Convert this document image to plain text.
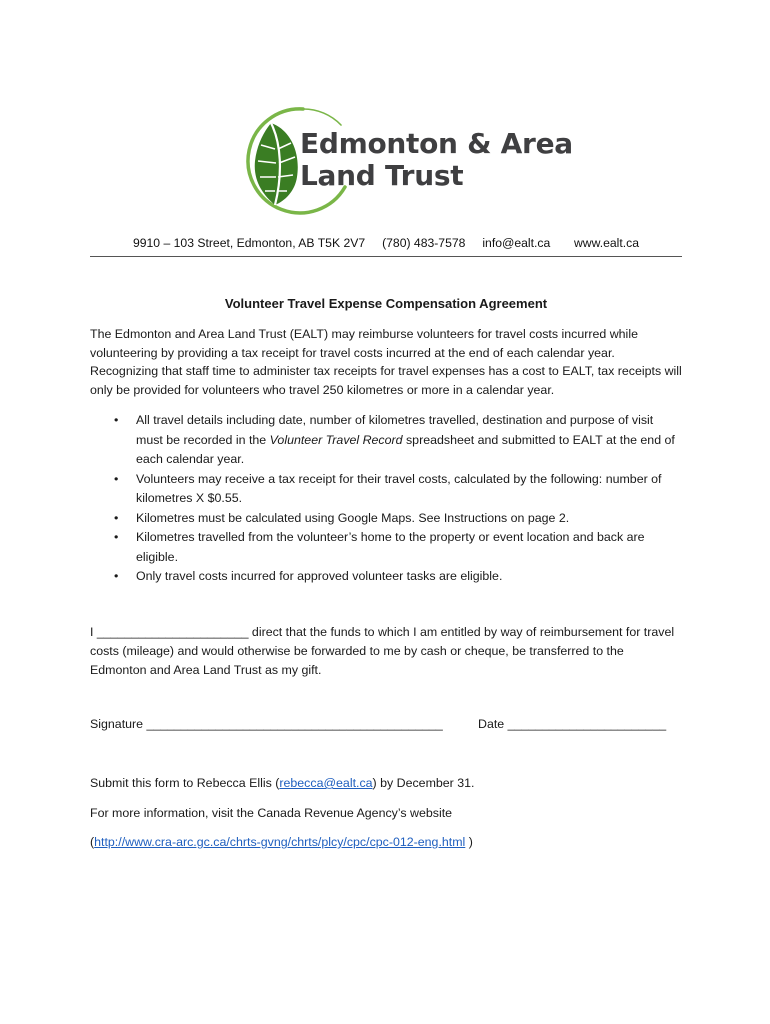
Edmonton & Area
Land Trust
9910 – 103 Street, Edmonton, AB T5K 2V7     (780) 483-7578     info@ealt.ca       www.ealt.ca
Volunteer Travel Expense Compensation Agreement
The Edmonton and Area Land Trust (EALT) may reimburse volunteers for travel costs incurred while volunteering by providing a tax receipt for travel costs incurred at the end of each calendar year. Recognizing that staff time to administer tax receipts for travel expenses has a cost to EALT, tax receipts will only be provided for volunteers who travel 250 kilometres or more in a calendar year.
• All travel details including date, number of kilometres travelled, destination and purpose of visit must be recorded in the Volunteer Travel Record spreadsheet and submitted to EALT at the end of each calendar year.
• Volunteers may receive a tax receipt for their travel costs, calculated by the following: number of kilometres X $0.55.
• Kilometres must be calculated using Google Maps. See Instructions on page 2.
• Kilometres travelled from the volunteer’s home to the property or event location and back are eligible.
• Only travel costs incurred for approved volunteer tasks are eligible.
I ______________________ direct that the funds to which I am entitled by way of reimbursement for travel costs (mileage) and would otherwise be forwarded to me by cash or cheque, be transferred to the Edmonton and Area Land Trust as my gift.
Signature ___________________________________________	Date _______________________
Submit this form to Rebecca Ellis (rebecca@ealt.ca) by December 31.
For more information, visit the Canada Revenue Agency’s website
(http://www.cra-arc.gc.ca/chrts-gvng/chrts/plcy/cpc/cpc-012-eng.html )
